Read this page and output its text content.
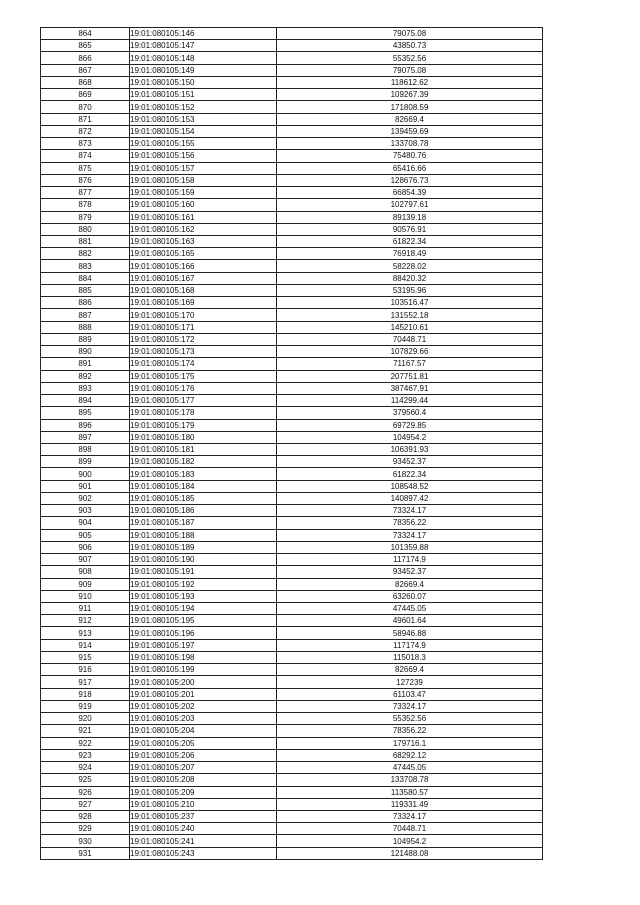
864	19:01:080105:146	79075.08
865	19:01:080105:147	43850.73
866	19:01:080105:148	55352.56
867	19:01:080105:149	79075.08
868	19:01:080105:150	118612.62
869	19:01:080105:151	109267.39
870	19:01:080105:152	171808.59
871	19:01:080105:153	82669.4
872	19:01:080105:154	139459.69
873	19:01:080105:155	133708.78
874	19:01:080105:156	75480.76
875	19:01:080105:157	65416.66
876	19:01:080105:158	128676.73
877	19:01:080105:159	66854.39
878	19:01:080105:160	102797.61
879	19:01:080105:161	89139.18
880	19:01:080105:162	90576.91
881	19:01:080105:163	61822.34
882	19:01:080105:165	76918.49
883	19:01:080105:166	58228.02
884	19:01:080105:167	88420.32
885	19:01:080105:168	53195.96
886	19:01:080105:169	103516.47
887	19:01:080105:170	131552.18
888	19:01:080105:171	145210.61
889	19:01:080105:172	70448.71
890	19:01:080105:173	107829.66
891	19:01:080105:174	71167.57
892	19:01:080105:175	207751.81
893	19:01:080105:176	387467.91
894	19:01:080105:177	114299.44
895	19:01:080105:178	379560.4
896	19:01:080105:179	69729.85
897	19:01:080105:180	104954.2
898	19:01:080105:181	106391.93
899	19:01:080105:182	93452.37
900	19:01:080105:183	61822.34
901	19:01:080105:184	108548.52
902	19:01:080105:185	140897.42
903	19:01:080105:186	73324.17
904	19:01:080105:187	78356.22
905	19:01:080105:188	73324.17
906	19:01:080105:189	101359.88
907	19:01:080105:190	117174.9
908	19:01:080105:191	93452.37
909	19:01:080105:192	82669.4
910	19:01:080105:193	63260.07
911	19:01:080105:194	47445.05
912	19:01:080105:195	49601.64
913	19:01:080105:196	58946.88
914	19:01:080105:197	117174.9
915	19:01:080105:198	115018.3
916	19:01:080105:199	82669.4
917	19:01:080105:200	127239
918	19:01:080105:201	61103.47
919	19:01:080105:202	73324.17
920	19:01:080105:203	55352.56
921	19:01:080105:204	78356.22
922	19:01:080105:205	179716.1
923	19:01:080105:206	68292.12
924	19:01:080105:207	47445.05
925	19:01:080105:208	133708.78
926	19:01:080105:209	113580.57
927	19:01:080105:210	119331.49
928	19:01:080105:237	73324.17
929	19:01:080105:240	70448.71
930	19:01:080105:241	104954.2
931	19:01:080105:243	121488.08
